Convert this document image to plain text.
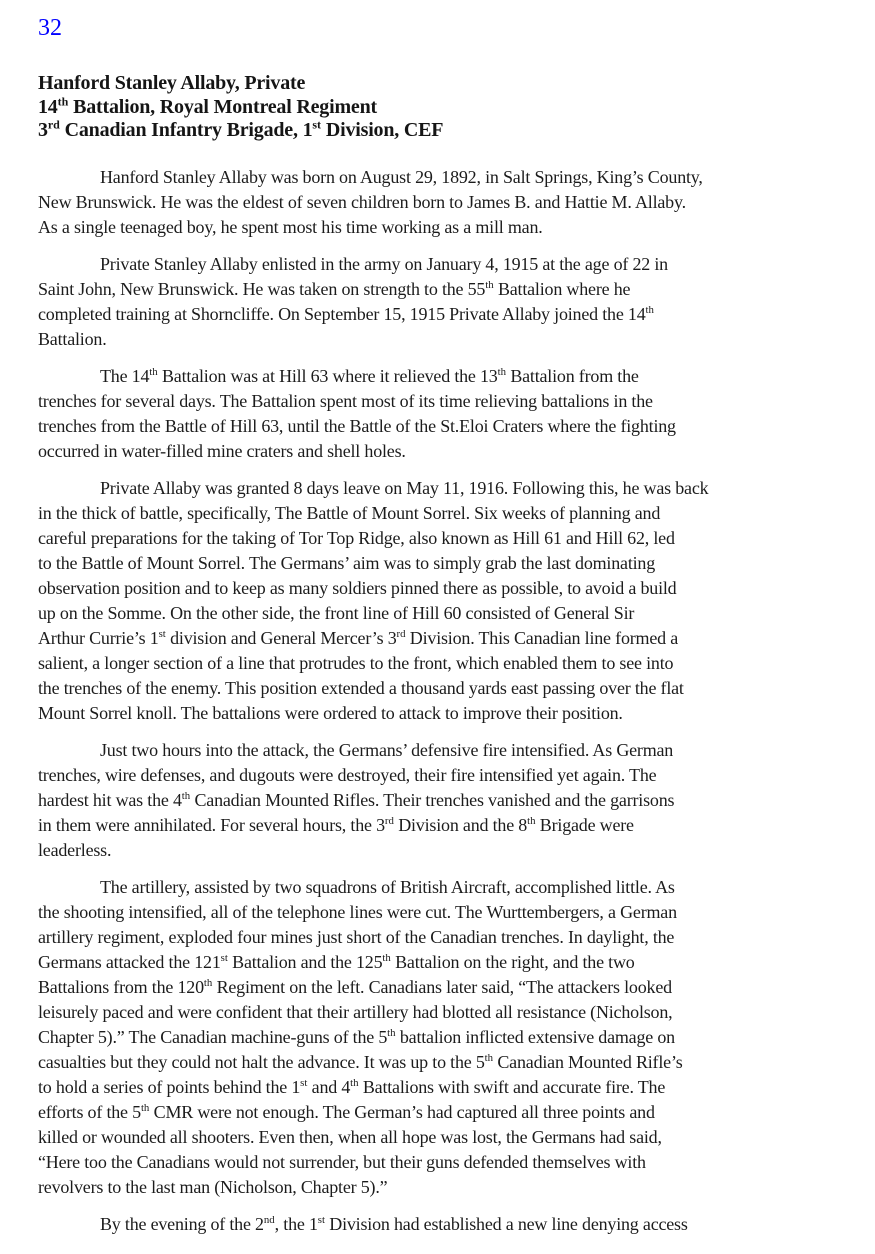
32
Hanford Stanley Allaby, Private
14th Battalion, Royal Montreal Regiment
3rd Canadian Infantry Brigade, 1st Division, CEF

Hanford Stanley Allaby was born on August 29, 1892, in Salt Springs, King’s County,
New Brunswick. He was the eldest of seven children born to James B. and Hattie M. Allaby.
As a single teenaged boy, he spent most his time working as a mill man.

Private Stanley Allaby enlisted in the army on January 4, 1915 at the age of 22 in
Saint John, New Brunswick. He was taken on strength to the 55th Battalion where he
completed training at Shorncliffe. On September 15, 1915 Private Allaby joined the 14th
Battalion.

The 14th Battalion was at Hill 63 where it relieved the 13th Battalion from the
trenches for several days. The Battalion spent most of its time relieving battalions in the
trenches from the Battle of Hill 63, until the Battle of the St.Eloi Craters where the fighting
occurred in water-filled mine craters and shell holes.

Private Allaby was granted 8 days leave on May 11, 1916. Following this, he was back
in the thick of battle, specifically, The Battle of Mount Sorrel. Six weeks of planning and
careful preparations for the taking of Tor Top Ridge, also known as Hill 61 and Hill 62, led
to the Battle of Mount Sorrel. The Germans’ aim was to simply grab the last dominating
observation position and to keep as many soldiers pinned there as possible, to avoid a build
up on the Somme. On the other side, the front line of Hill 60 consisted of General Sir
Arthur Currie’s 1st division and General Mercer’s 3rd Division. This Canadian line formed a
salient, a longer section of a line that protrudes to the front, which enabled them to see into
the trenches of the enemy. This position extended a thousand yards east passing over the flat
Mount Sorrel knoll. The battalions were ordered to attack to improve their position.

Just two hours into the attack, the Germans’ defensive fire intensified. As German
trenches, wire defenses, and dugouts were destroyed, their fire intensified yet again. The
hardest hit was the 4th Canadian Mounted Rifles. Their trenches vanished and the garrisons
in them were annihilated. For several hours, the 3rd Division and the 8th Brigade were
leaderless.

The artillery, assisted by two squadrons of British Aircraft, accomplished little. As
the shooting intensified, all of the telephone lines were cut. The Wurttembergers, a German
artillery regiment, exploded four mines just short of the Canadian trenches. In daylight, the
Germans attacked the 121st Battalion and the 125th Battalion on the right, and the two
Battalions from the 120th Regiment on the left. Canadians later said, “The attackers looked
leisurely paced and were confident that their artillery had blotted all resistance (Nicholson,
Chapter 5).” The Canadian machine-guns of the 5th battalion inflicted extensive damage on
casualties but they could not halt the advance. It was up to the 5th Canadian Mounted Rifle’s
to hold a series of points behind the 1st and 4th Battalions with swift and accurate fire. The
efforts of the 5th CMR were not enough. The German’s had captured all three points and
killed or wounded all shooters. Even then, when all hope was lost, the Germans had said,
“Here too the Canadians would not surrender, but their guns defended themselves with
revolvers to the last man (Nicholson, Chapter 5).”

By the evening of the 2nd, the 1st Division had established a new line denying access
